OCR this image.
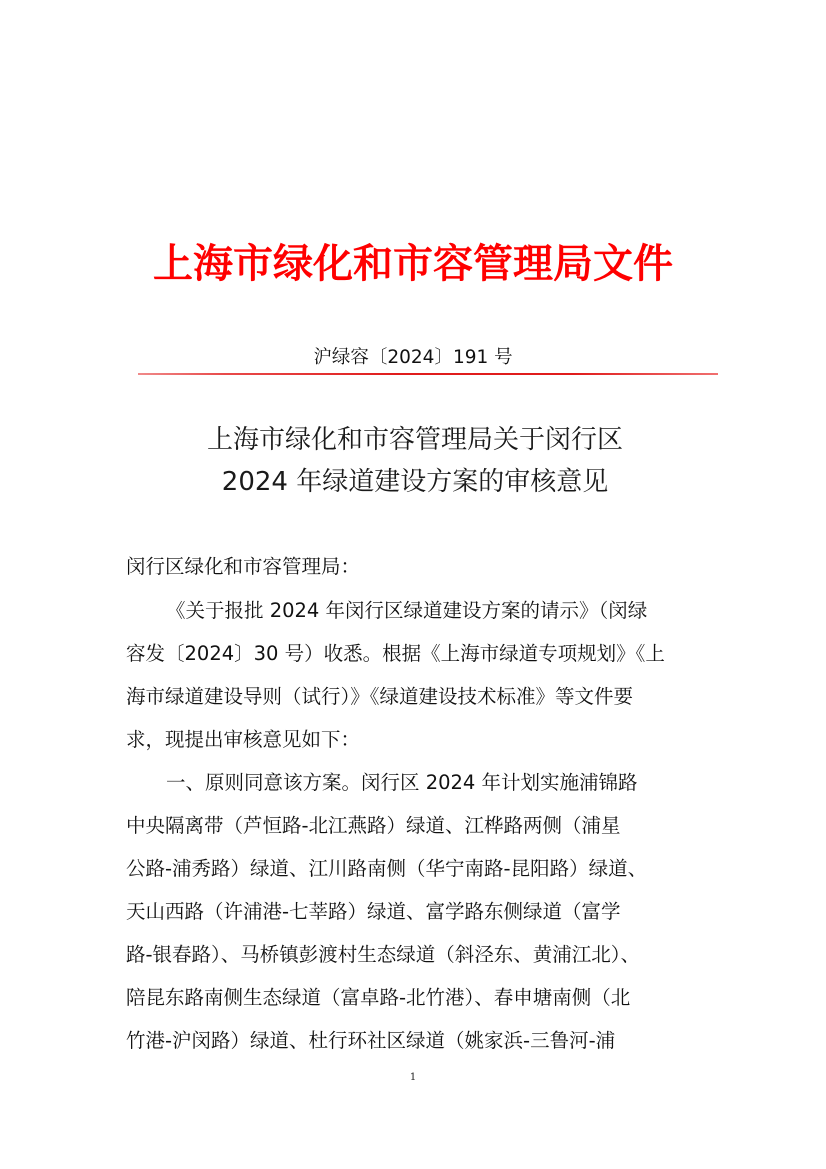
上海市绿化和市容管理局文件
沪绿容〔2024〕191 号
上海市绿化和市容管理局关于闵行区
2024 年绿道建设方案的审核意见
闵行区绿化和市容管理局：
《关于报批 2024 年闵行区绿道建设方案的请示》（闵绿
容发〔2024〕30 号）收悉。根据《上海市绿道专项规划》《上
海市绿道建设导则（试行）》《绿道建设技术标准》等文件要
求，现提出审核意见如下：
一、原则同意该方案。闵行区 2024 年计划实施浦锦路
中央隔离带（芦恒路-北江燕路）绿道、江桦路两侧（浦星
公路-浦秀路）绿道、江川路南侧（华宁南路-昆阳路）绿道、
天山西路（许浦港-七莘路）绿道、富学路东侧绿道（富学
路-银春路）、马桥镇彭渡村生态绿道（斜泾东、黄浦江北）、
陪昆东路南侧生态绿道（富卓路-北竹港）、春申塘南侧（北
竹港-沪闵路）绿道、杜行环社区绿道（姚家浜-三鲁河-浦
1
